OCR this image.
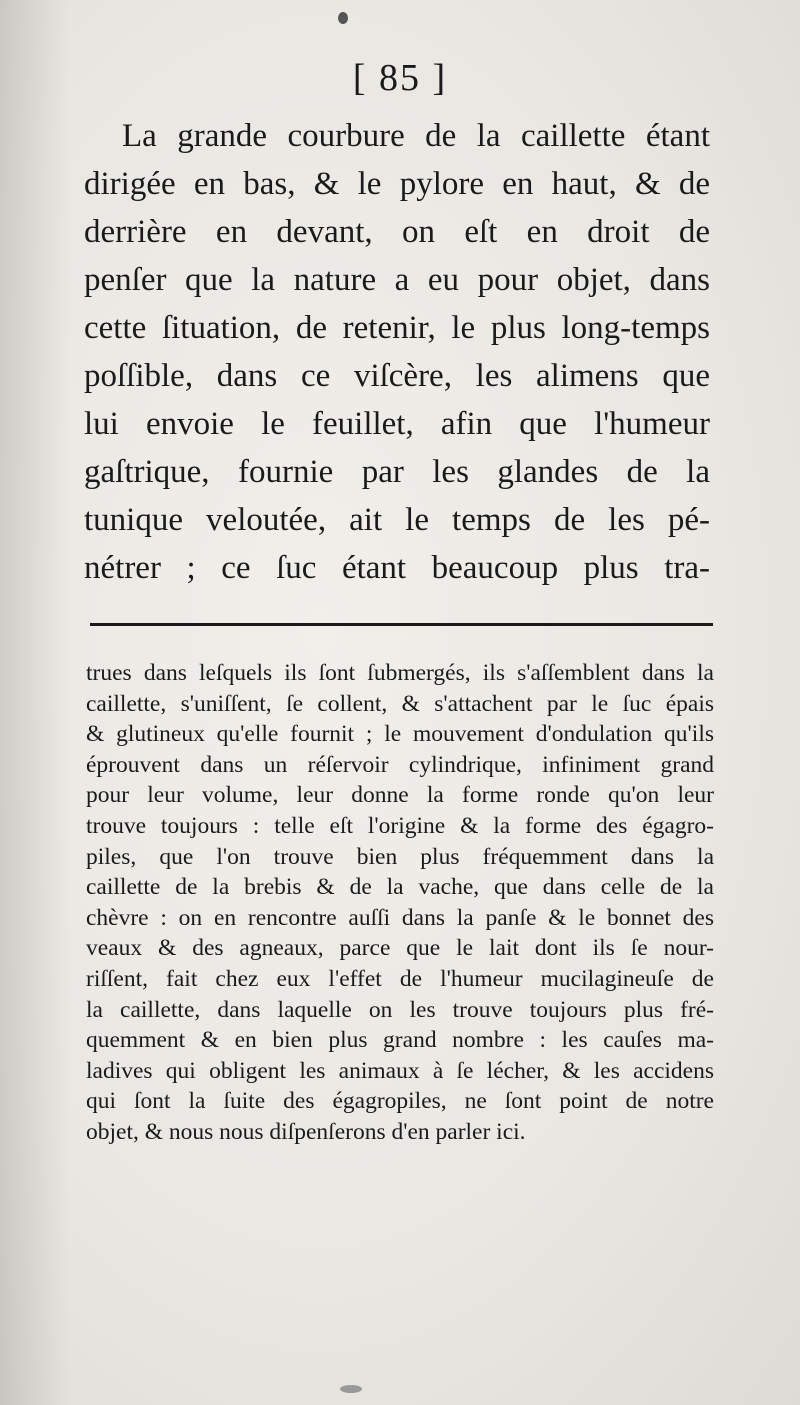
[ 85 ]
La grande courbure de la caillette étant
dirigée en bas, & le pylore en haut, & de
derrière en devant, on eſt en droit de
penſer que la nature a eu pour objet, dans
cette ſituation, de retenir, le plus long-temps
poſſible, dans ce viſcère, les alimens que
lui envoie le feuillet, afin que l'humeur
gaſtrique, fournie par les glandes de la
tunique veloutée, ait le temps de les pé-
nétrer ; ce ſuc étant beaucoup plus tra-
trues dans leſquels ils ſont ſubmergés, ils s'aſſemblent dans la
caillette, s'uniſſent, ſe collent, & s'attachent par le ſuc épais
& glutineux qu'elle fournit ; le mouvement d'ondulation qu'ils
éprouvent dans un réſervoir cylindrique, infiniment grand
pour leur volume, leur donne la forme ronde qu'on leur
trouve toujours : telle eſt l'origine & la forme des égagro-
piles, que l'on trouve bien plus fréquemment dans la
caillette de la brebis & de la vache, que dans celle de la
chèvre : on en rencontre auſſi dans la panſe & le bonnet des
veaux & des agneaux, parce que le lait dont ils ſe nour-
riſſent, fait chez eux l'effet de l'humeur mucilagineuſe de
la caillette, dans laquelle on les trouve toujours plus fré-
quemment & en bien plus grand nombre : les cauſes ma-
ladives qui obligent les animaux à ſe lécher, & les accidens
qui ſont la ſuite des égagropiles, ne ſont point de notre
objet, & nous nous diſpenſerons d'en parler ici.
